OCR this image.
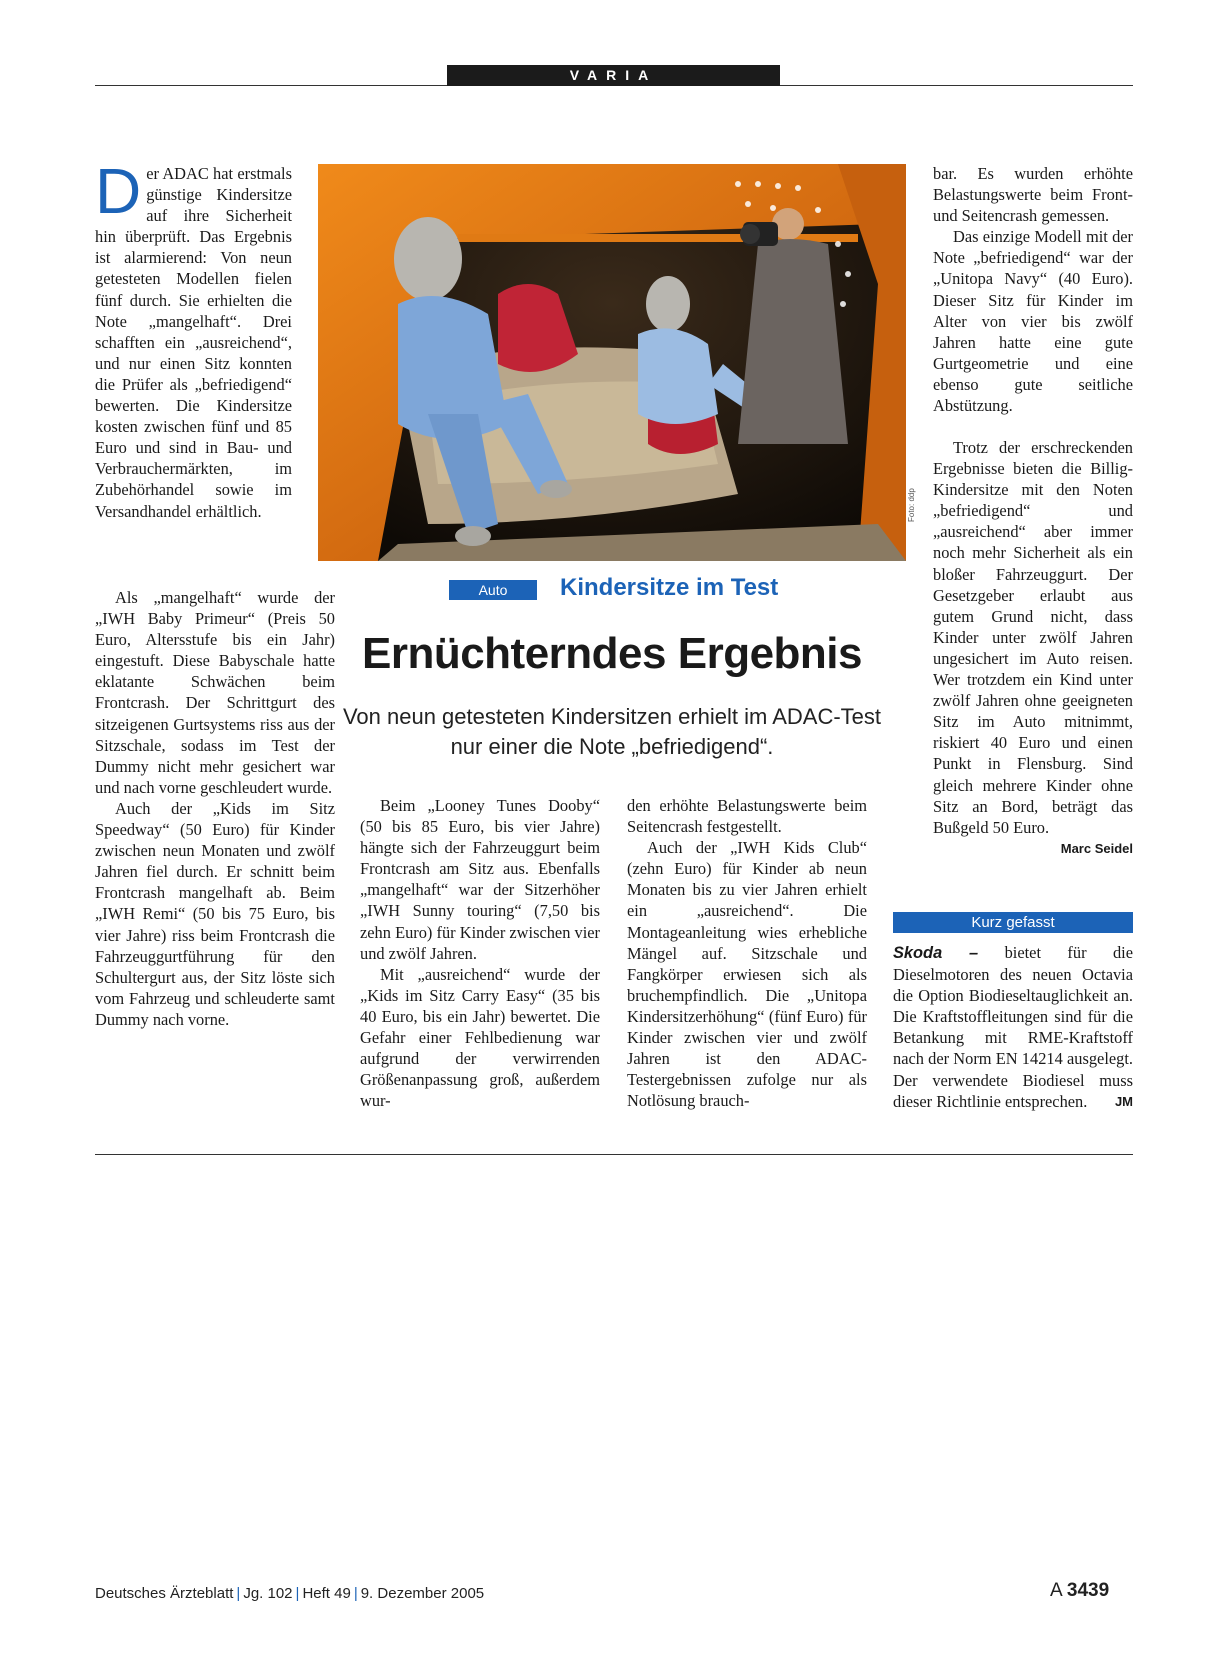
VARIA

Der ADAC hat erstmals günstige Kindersitze auf ihre Sicherheit hin überprüft. Das Ergebnis ist alarmierend: Von neun getesteten Modellen fielen fünf durch. Sie erhielten die Note „mangelhaft“. Drei schafften ein „ausreichend“, und nur einen Sitz konnten die Prüfer als „befriedigend“ bewerten. Die Kindersitze kosten zwischen fünf und 85 Euro und sind in Bau- und Verbrauchermärkten, im Zubehörhandel sowie im Versandhandel erhältlich.

Als „mangelhaft“ wurde der „IWH Baby Primeur“ (Preis 50 Euro, Altersstufe bis ein Jahr) eingestuft. Diese Babyschale hatte eklatante Schwächen beim Frontcrash. Der Schrittgurt des sitzeigenen Gurtsystems riss aus der Sitzschale, sodass im Test der Dummy nicht mehr gesichert war und nach vorne geschleudert wurde.

Auch der „Kids im Sitz Speedway“ (50 Euro) für Kinder zwischen neun Monaten und zwölf Jahren fiel durch. Er schnitt beim Frontcrash mangelhaft ab. Beim „IWH Remi“ (50 bis 75 Euro, bis vier Jahre) riss beim Frontcrash die Fahrzeuggurtführung für den Schultergurt aus, der Sitz löste sich vom Fahrzeug und schleuderte samt Dummy nach vorne.

Foto: ddp
Auto	Kindersitze im Test
Ernüchterndes Ergebnis
Von neun getesteten Kindersitzen erhielt im ADAC-Test
nur einer die Note „befriedigend“.

Beim „Looney Tunes Dooby“ (50 bis 85 Euro, bis vier Jahre) hängte sich der Fahrzeuggurt beim Frontcrash am Sitz aus. Ebenfalls „mangelhaft“ war der Sitzerhöher „IWH Sunny touring“ (7,50 bis zehn Euro) für Kinder zwischen vier und zwölf Jahren.

Mit „ausreichend“ wurde der „Kids im Sitz Carry Easy“ (35 bis 40 Euro, bis ein Jahr) bewertet. Die Gefahr einer Fehlbedienung war aufgrund der verwirrenden Größenanpassung groß, außerdem wur-

den erhöhte Belastungswerte beim Seitencrash festgestellt.

Auch der „IWH Kids Club“ (zehn Euro) für Kinder ab neun Monaten bis zu vier Jahren erhielt ein „ausreichend“. Die Montageanleitung wies erhebliche Mängel auf. Sitzschale und Fangkörper erwiesen sich als bruchempfindlich. Die „Unitopa Kindersitzerhöhung“ (fünf Euro) für Kinder zwischen vier und zwölf Jahren ist den ADAC-Testergebnissen zufolge nur als Notlösung brauch-

bar. Es wurden erhöhte Belastungswerte beim Front- und Seitencrash gemessen.

Das einzige Modell mit der Note „befriedigend“ war der „Unitopa Navy“ (40 Euro). Dieser Sitz für Kinder im Alter von vier bis zwölf Jahren hatte eine gute Gurtgeometrie und eine ebenso gute seitliche Abstützung.

Trotz der erschreckenden Ergebnisse bieten die Billig-Kindersitze mit den Noten „befriedigend“ und „ausreichend“ aber immer noch mehr Sicherheit als ein bloßer Fahrzeuggurt. Der Gesetzgeber erlaubt aus gutem Grund nicht, dass Kinder unter zwölf Jahren ungesichert im Auto reisen. Wer trotzdem ein Kind unter zwölf Jahren ohne geeigneten Sitz im Auto mitnimmt, riskiert 40 Euro und einen Punkt in Flensburg. Sind gleich mehrere Kinder ohne Sitz an Bord, beträgt das Bußgeld 50 Euro.
Marc Seidel

Kurz gefasst

Skoda – bietet für die Dieselmotoren des neuen Octavia die Option Biodieseltauglichkeit an. Die Kraftstoffleitungen sind für die Betankung mit RME-Kraftstoff nach der Norm EN 14214 ausgelegt. Der verwendete Biodiesel muss dieser Richtlinie entsprechen. JM

Deutsches Ärzteblatt | Jg. 102 | Heft 49 | 9. Dezember 2005	A 3439
